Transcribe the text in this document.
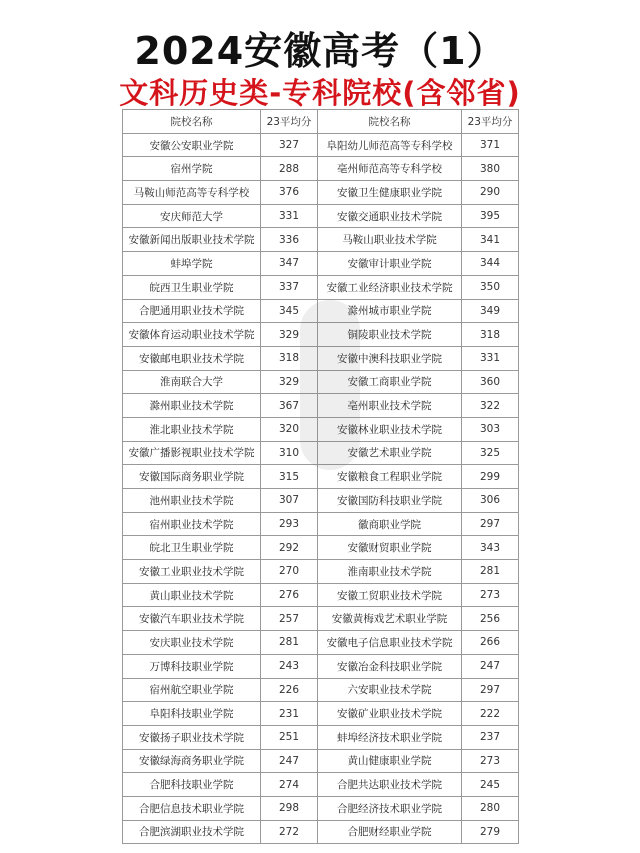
2024安徽高考（1）
文科历史类-专科院校(含邻省)
院校名称	23平均分	院校名称	23平均分
安徽公安职业学院	327	阜阳幼儿师范高等专科学校	371
宿州学院	288	亳州师范高等专科学校	380
马鞍山师范高等专科学校	376	安徽卫生健康职业学院	290
安庆师范大学	331	安徽交通职业技术学院	395
安徽新闻出版职业技术学院	336	马鞍山职业技术学院	341
蚌埠学院	347	安徽审计职业学院	344
皖西卫生职业学院	337	安徽工业经济职业技术学院	350
合肥通用职业技术学院	345	滁州城市职业学院	349
安徽体育运动职业技术学院	329	铜陵职业技术学院	318
安徽邮电职业技术学院	318	安徽中澳科技职业学院	331
淮南联合大学	329	安徽工商职业学院	360
滁州职业技术学院	367	亳州职业技术学院	322
淮北职业技术学院	320	安徽林业职业技术学院	303
安徽广播影视职业技术学院	310	安徽艺术职业学院	325
安徽国际商务职业学院	315	安徽粮食工程职业学院	299
池州职业技术学院	307	安徽国防科技职业学院	306
宿州职业技术学院	293	徽商职业学院	297
皖北卫生职业学院	292	安徽财贸职业学院	343
安徽工业职业技术学院	270	淮南职业技术学院	281
黄山职业技术学院	276	安徽工贸职业技术学院	273
安徽汽车职业技术学院	257	安徽黄梅戏艺术职业学院	256
安庆职业技术学院	281	安徽电子信息职业技术学院	266
万博科技职业学院	243	安徽冶金科技职业学院	247
宿州航空职业学院	226	六安职业技术学院	297
阜阳科技职业学院	231	安徽矿业职业技术学院	222
安徽扬子职业技术学院	251	蚌埠经济技术职业学院	237
安徽绿海商务职业学院	247	黄山健康职业学院	273
合肥科技职业学院	274	合肥共达职业技术学院	245
合肥信息技术职业学院	298	合肥经济技术职业学院	280
合肥滨湖职业技术学院	272	合肥财经职业学院	279
